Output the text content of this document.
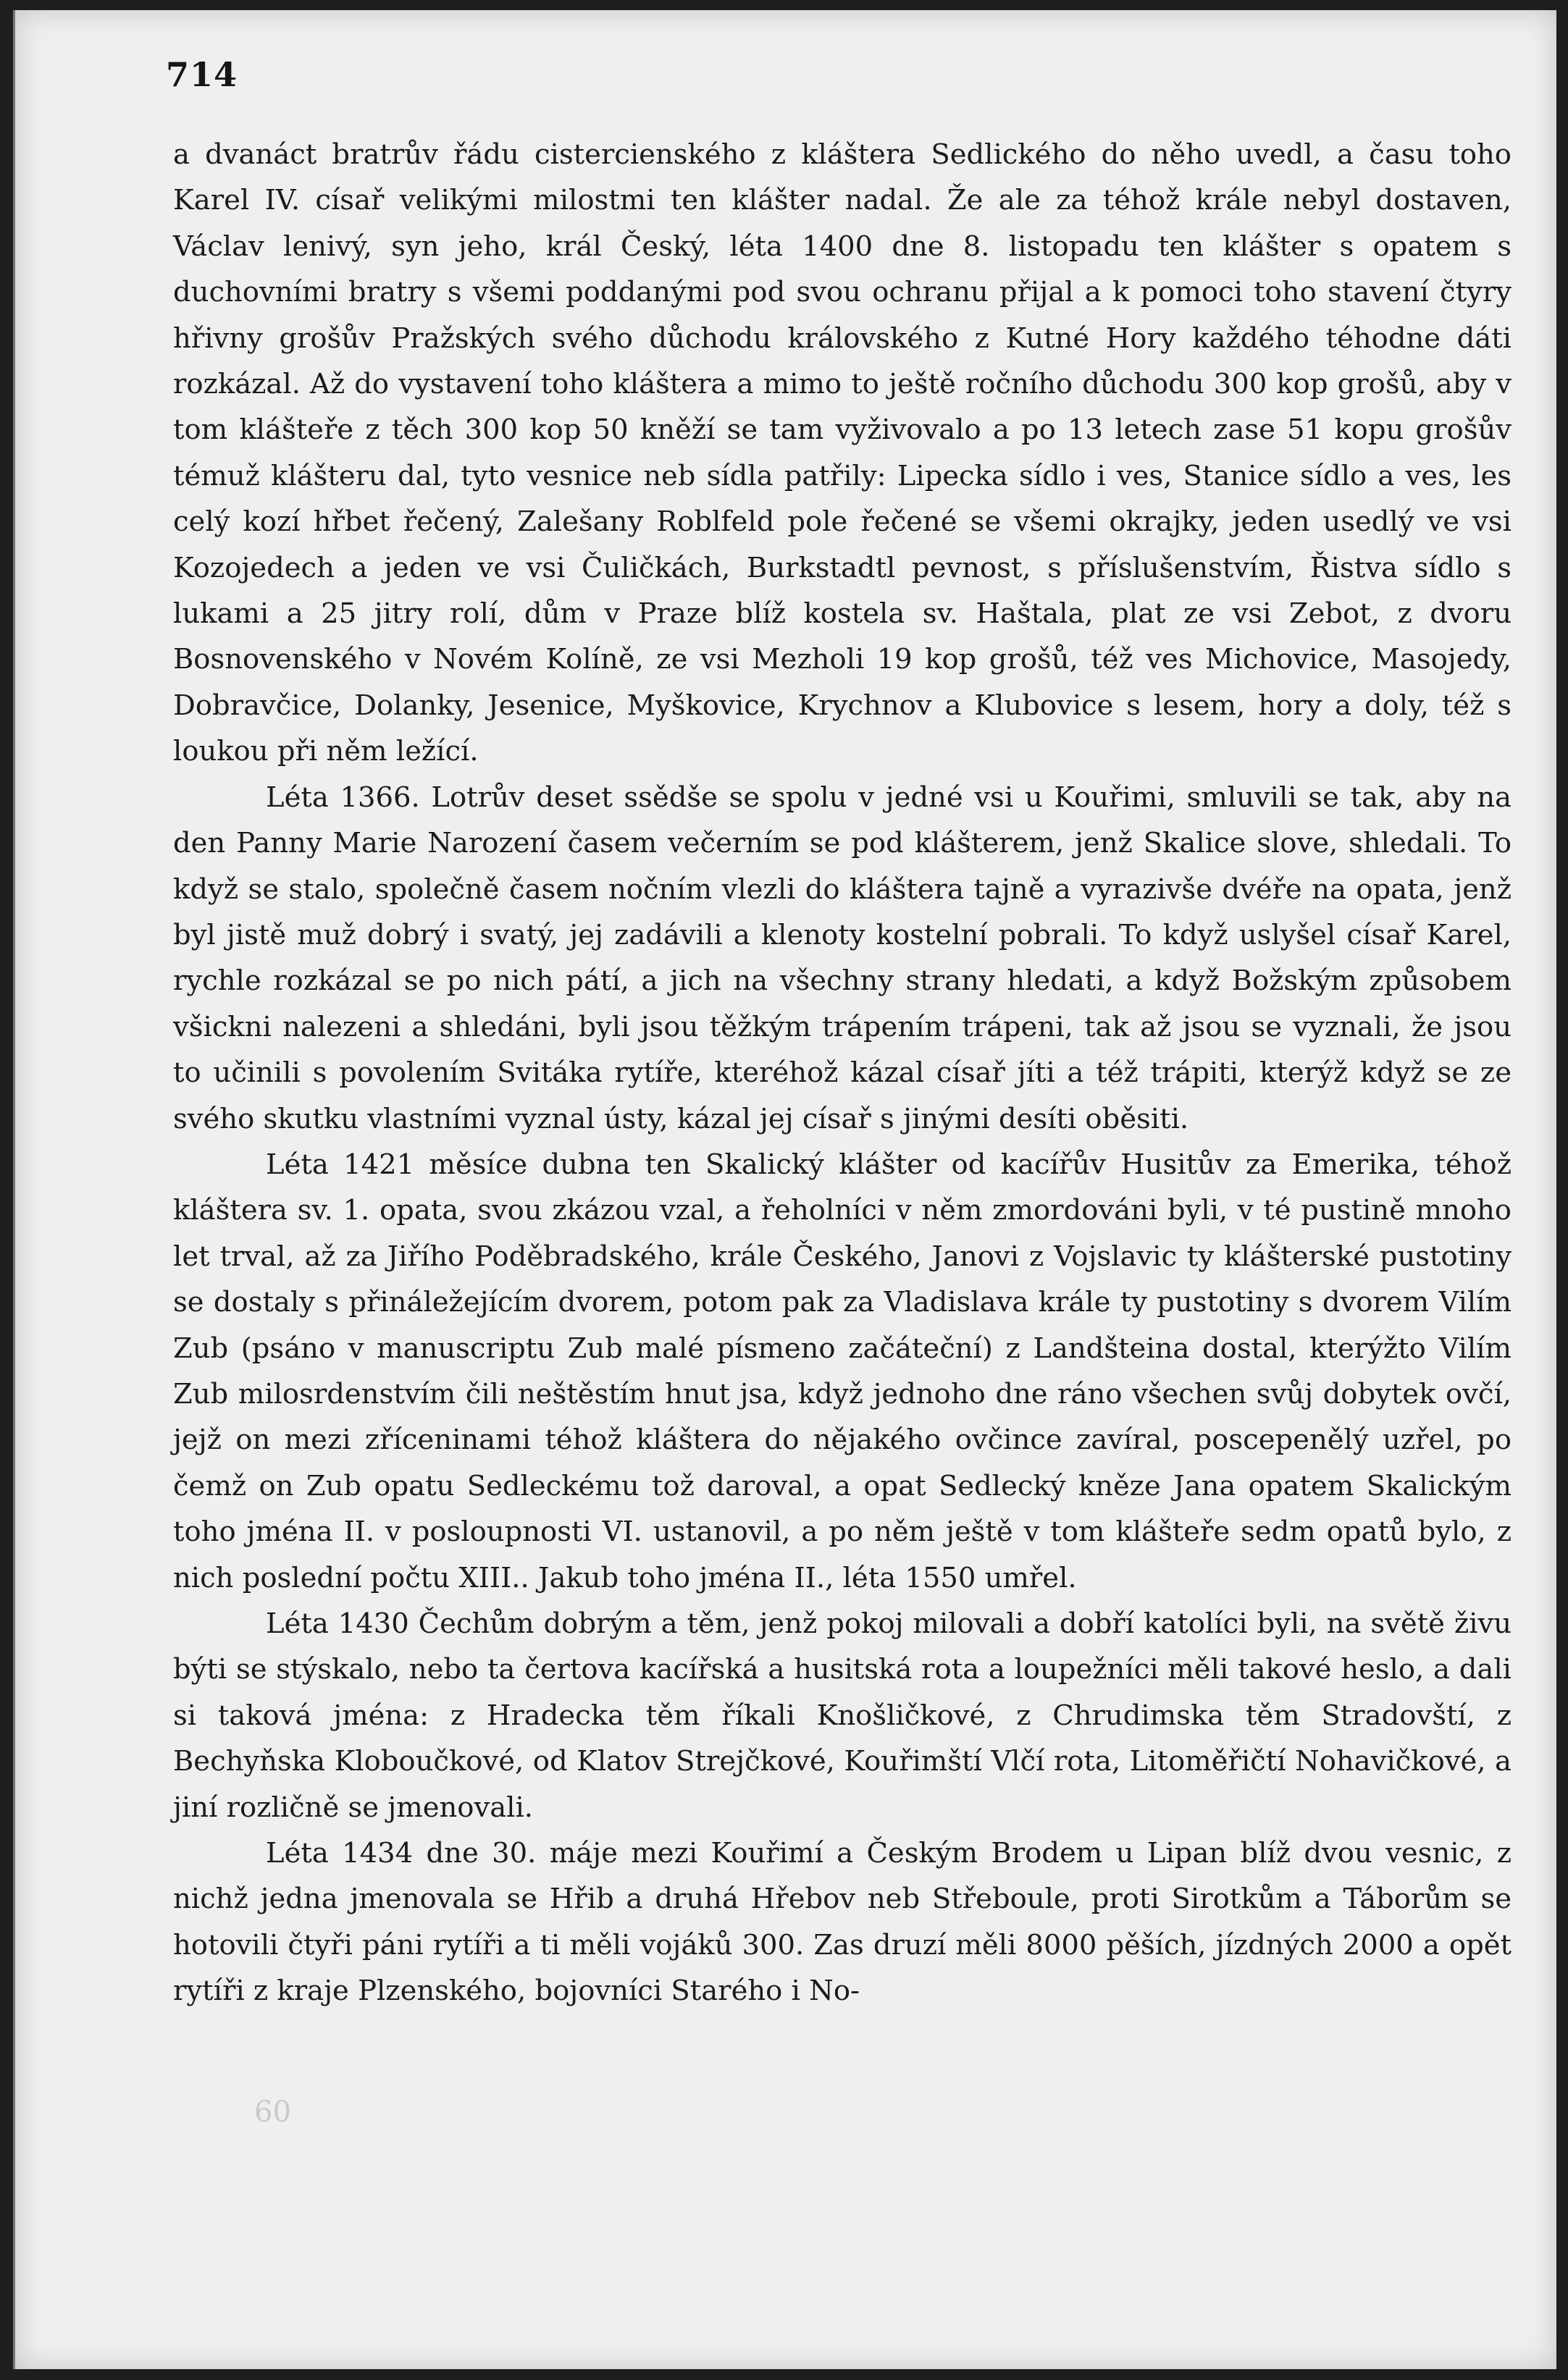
714

a dvanáct bratrův řádu cistercienského z kláštera Sedlického do něho uvedl, a času toho Karel IV. císař velikými milostmi ten klášter nadal. Že ale za téhož krále nebyl dostaven, Václav lenivý, syn jeho, král Český, léta 1400 dne 8. listopadu ten klášter s opatem s duchovními bratry s všemi poddanými pod svou ochranu přijal a k pomoci toho stavení čtyry hřivny grošův Pražských svého důchodu královského z Kutné Hory každého téhodne dáti rozkázal. Až do vystavení toho kláštera a mimo to ještě ročního důchodu 300 kop grošů, aby v tom klášteře z těch 300 kop 50 kněží se tam vyživovalo a po 13 letech zase 51 kopu grošův témuž klášteru dal, tyto vesnice neb sídla patřily: Lipecka sídlo i ves, Stanice sídlo a ves, les celý kozí hřbet řečený, Zalešany Roblfeld pole řečené se všemi okrajky, jeden usedlý ve vsi Kozojedech a jeden ve vsi Čuličkách, Burkstadtl pevnost, s příslušenstvím, Řistva sídlo s lukami a 25 jitry rolí, dům v Praze blíž kostela sv. Haštala, plat ze vsi Zebot, z dvoru Bosnovenského v Novém Kolíně, ze vsi Mezholi 19 kop grošů, též ves Michovice, Masojedy, Dobravčice, Dolanky, Jesenice, Myškovice, Krychnov a Klubovice s lesem, hory a doly, též s loukou při něm ležící.

Léta 1366. Lotrův deset ssědše se spolu v jedné vsi u Kouřimi, smluvili se tak, aby na den Panny Marie Narození časem večerním se pod klášterem, jenž Skalice slove, shledali. To když se stalo, společně časem nočním vlezli do kláštera tajně a vyrazivše dvéře na opata, jenž byl jistě muž dobrý i svatý, jej zadávili a klenoty kostelní pobrali. To když uslyšel císař Karel, rychle rozkázal se po nich pátí, a jich na všechny strany hledati, a když Božským způsobem všickni nalezeni a shledáni, byli jsou těžkým trápením trápeni, tak až jsou se vyznali, že jsou to učinili s povolením Svitáka rytíře, kteréhož kázal císař jíti a též trápiti, kterýž když se ze svého skutku vlastními vyznal ústy, kázal jej císař s jinými desíti oběsiti.

Léta 1421 měsíce dubna ten Skalický klášter od kacířův Husitův za Emerika, téhož kláštera sv. 1. opata, svou zkázou vzal, a řeholníci v něm zmordováni byli, v té pustině mnoho let trval, až za Jiřího Poděbradského, krále Českého, Janovi z Vojslavic ty klášterské pustotiny se dostaly s přináležejícím dvorem, potom pak za Vladislava krále ty pustotiny s dvorem Vilím Zub (psáno v manuscriptu Zub malé písmeno začáteční) z Landšteina dostal, kterýžto Vilím Zub milosrdenstvím čili neštěstím hnut jsa, když jednoho dne ráno všechen svůj dobytek ovčí, jejž on mezi zříceninami téhož kláštera do nějakého ovčince zavíral, poscepenělý uzřel, po čemž on Zub opatu Sedleckému tož daroval, a opat Sedlecký kněze Jana opatem Skalickým toho jména II. v posloupnosti VI. ustanovil, a po něm ještě v tom klášteře sedm opatů bylo, z nich poslední počtu XIII.. Jakub toho jména II., léta 1550 umřel.

Léta 1430 Čechům dobrým a těm, jenž pokoj milovali a dobří katolíci byli, na světě živu býti se stýskalo, nebo ta čertova kacířská a husitská rota a loupežníci měli takové heslo, a dali si taková jména: z Hradecka těm říkali Knošličkové, z Chrudimska těm Stradovští, z Bechyňska Kloboučkové, od Klatov Strejčkové, Kouřimští Vlčí rota, Litoměřičtí Nohavičkové, a jiní rozličně se jmenovali.

Léta 1434 dne 30. máje mezi Kouřimí a Českým Brodem u Lipan blíž dvou vesnic, z nichž jedna jmenovala se Hřib a druhá Hřebov neb Střeboule, proti Sirotkům a Táborům se hotovili čtyři páni rytíři a ti měli vojáků 300. Zas druzí měli 8000 pěších, jízdných 2000 a opět rytíři z kraje Plzenského, bojovníci Starého i No-

60
